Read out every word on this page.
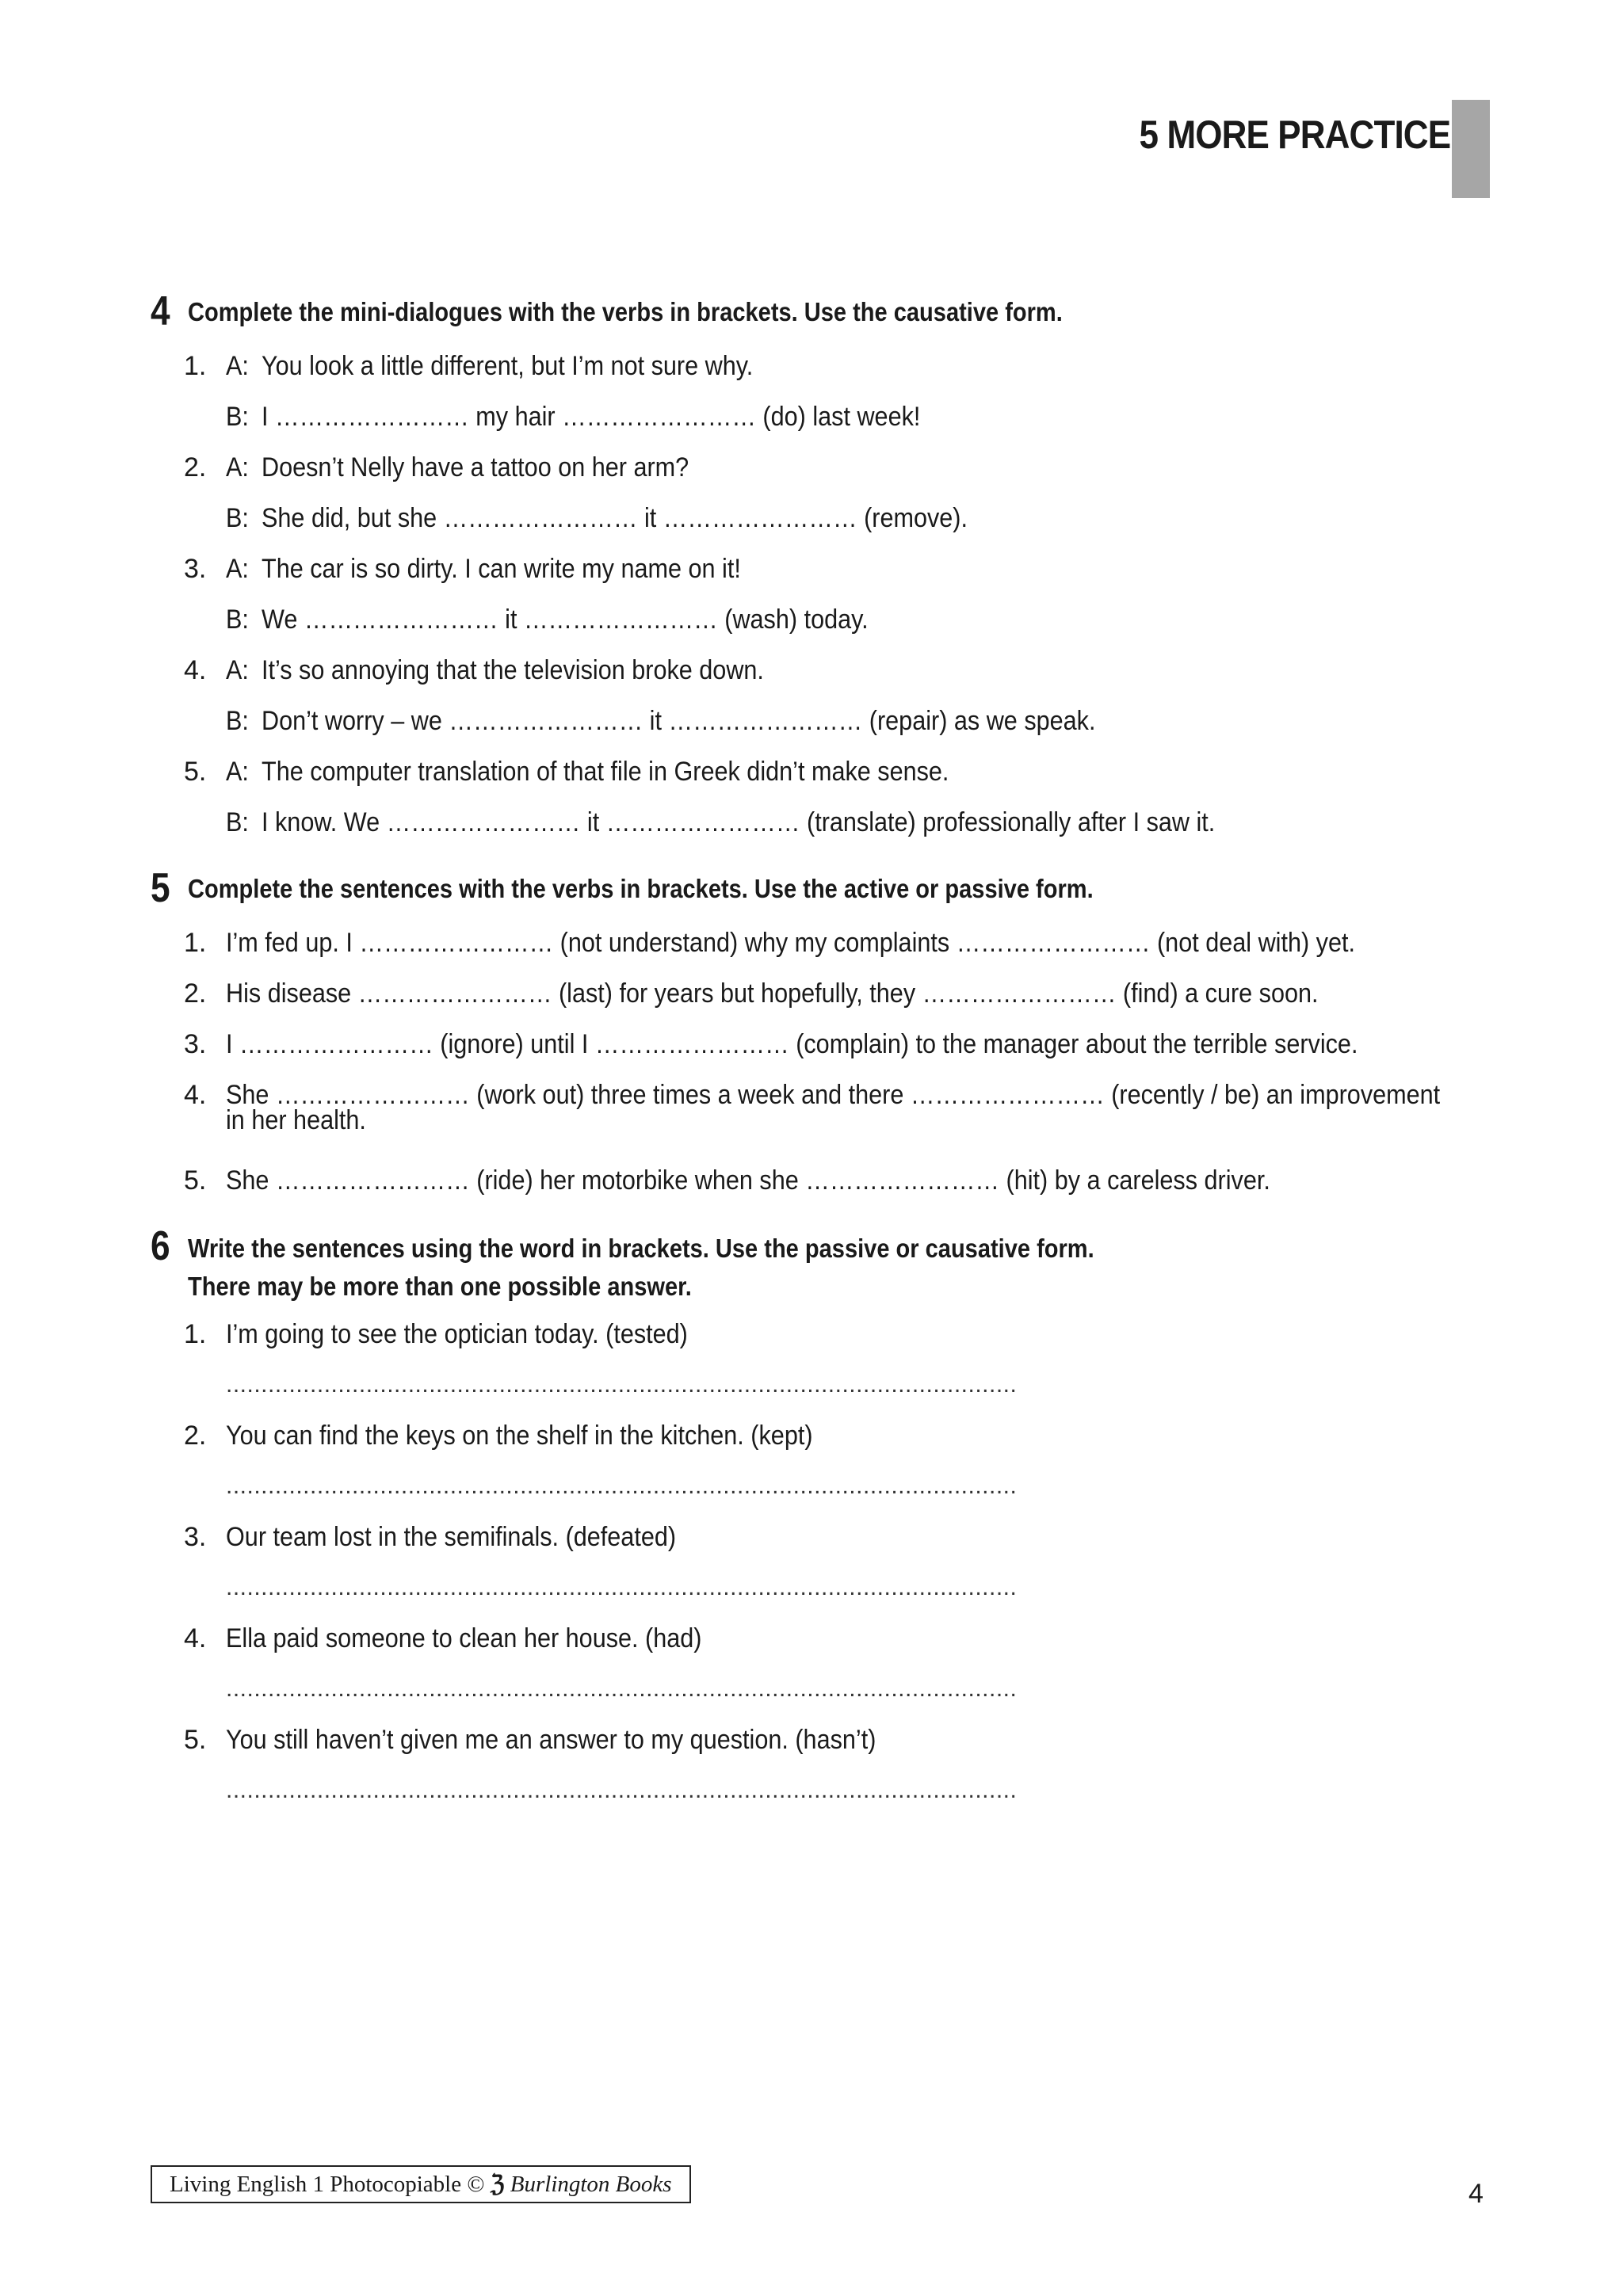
5 MORE PRACTICE
4 Complete the mini-dialogues with the verbs in brackets. Use the causative form.
1. A: You look a little different, but I’m not sure why.
B: I …………………… my hair …………………… (do) last week!
2. A: Doesn’t Nelly have a tattoo on her arm?
B: She did, but she …………………… it …………………… (remove).
3. A: The car is so dirty. I can write my name on it!
B: We …………………… it …………………… (wash) today.
4. A: It’s so annoying that the television broke down.
B: Don’t worry – we …………………… it …………………… (repair) as we speak.
5. A: The computer translation of that file in Greek didn’t make sense.
B: I know. We …………………… it …………………… (translate) professionally after I saw it.
5 Complete the sentences with the verbs in brackets. Use the active or passive form.
1. I’m fed up. I …………………… (not understand) why my complaints …………………… (not deal with) yet.
2. His disease …………………… (last) for years but hopefully, they …………………… (find) a cure soon.
3. I …………………… (ignore) until I …………………… (complain) to the manager about the terrible service.
4. She …………………… (work out) three times a week and there …………………… (recently / be) an improvement
in her health.
5. She …………………… (ride) her motorbike when she …………………… (hit) by a careless driver.
6 Write the sentences using the word in brackets. Use the passive or causative form.
There may be more than one possible answer.
1. I’m going to see the optician today. (tested)
.................................................................................................................
2. You can find the keys on the shelf in the kitchen. (kept)
.................................................................................................................
3. Our team lost in the semifinals. (defeated)
.................................................................................................................
4. Ella paid someone to clean her house. (had)
.................................................................................................................
5. You still haven’t given me an answer to my question. (hasn’t)
.................................................................................................................
Living English 1 Photocopiable © ℨ Burlington Books	4
